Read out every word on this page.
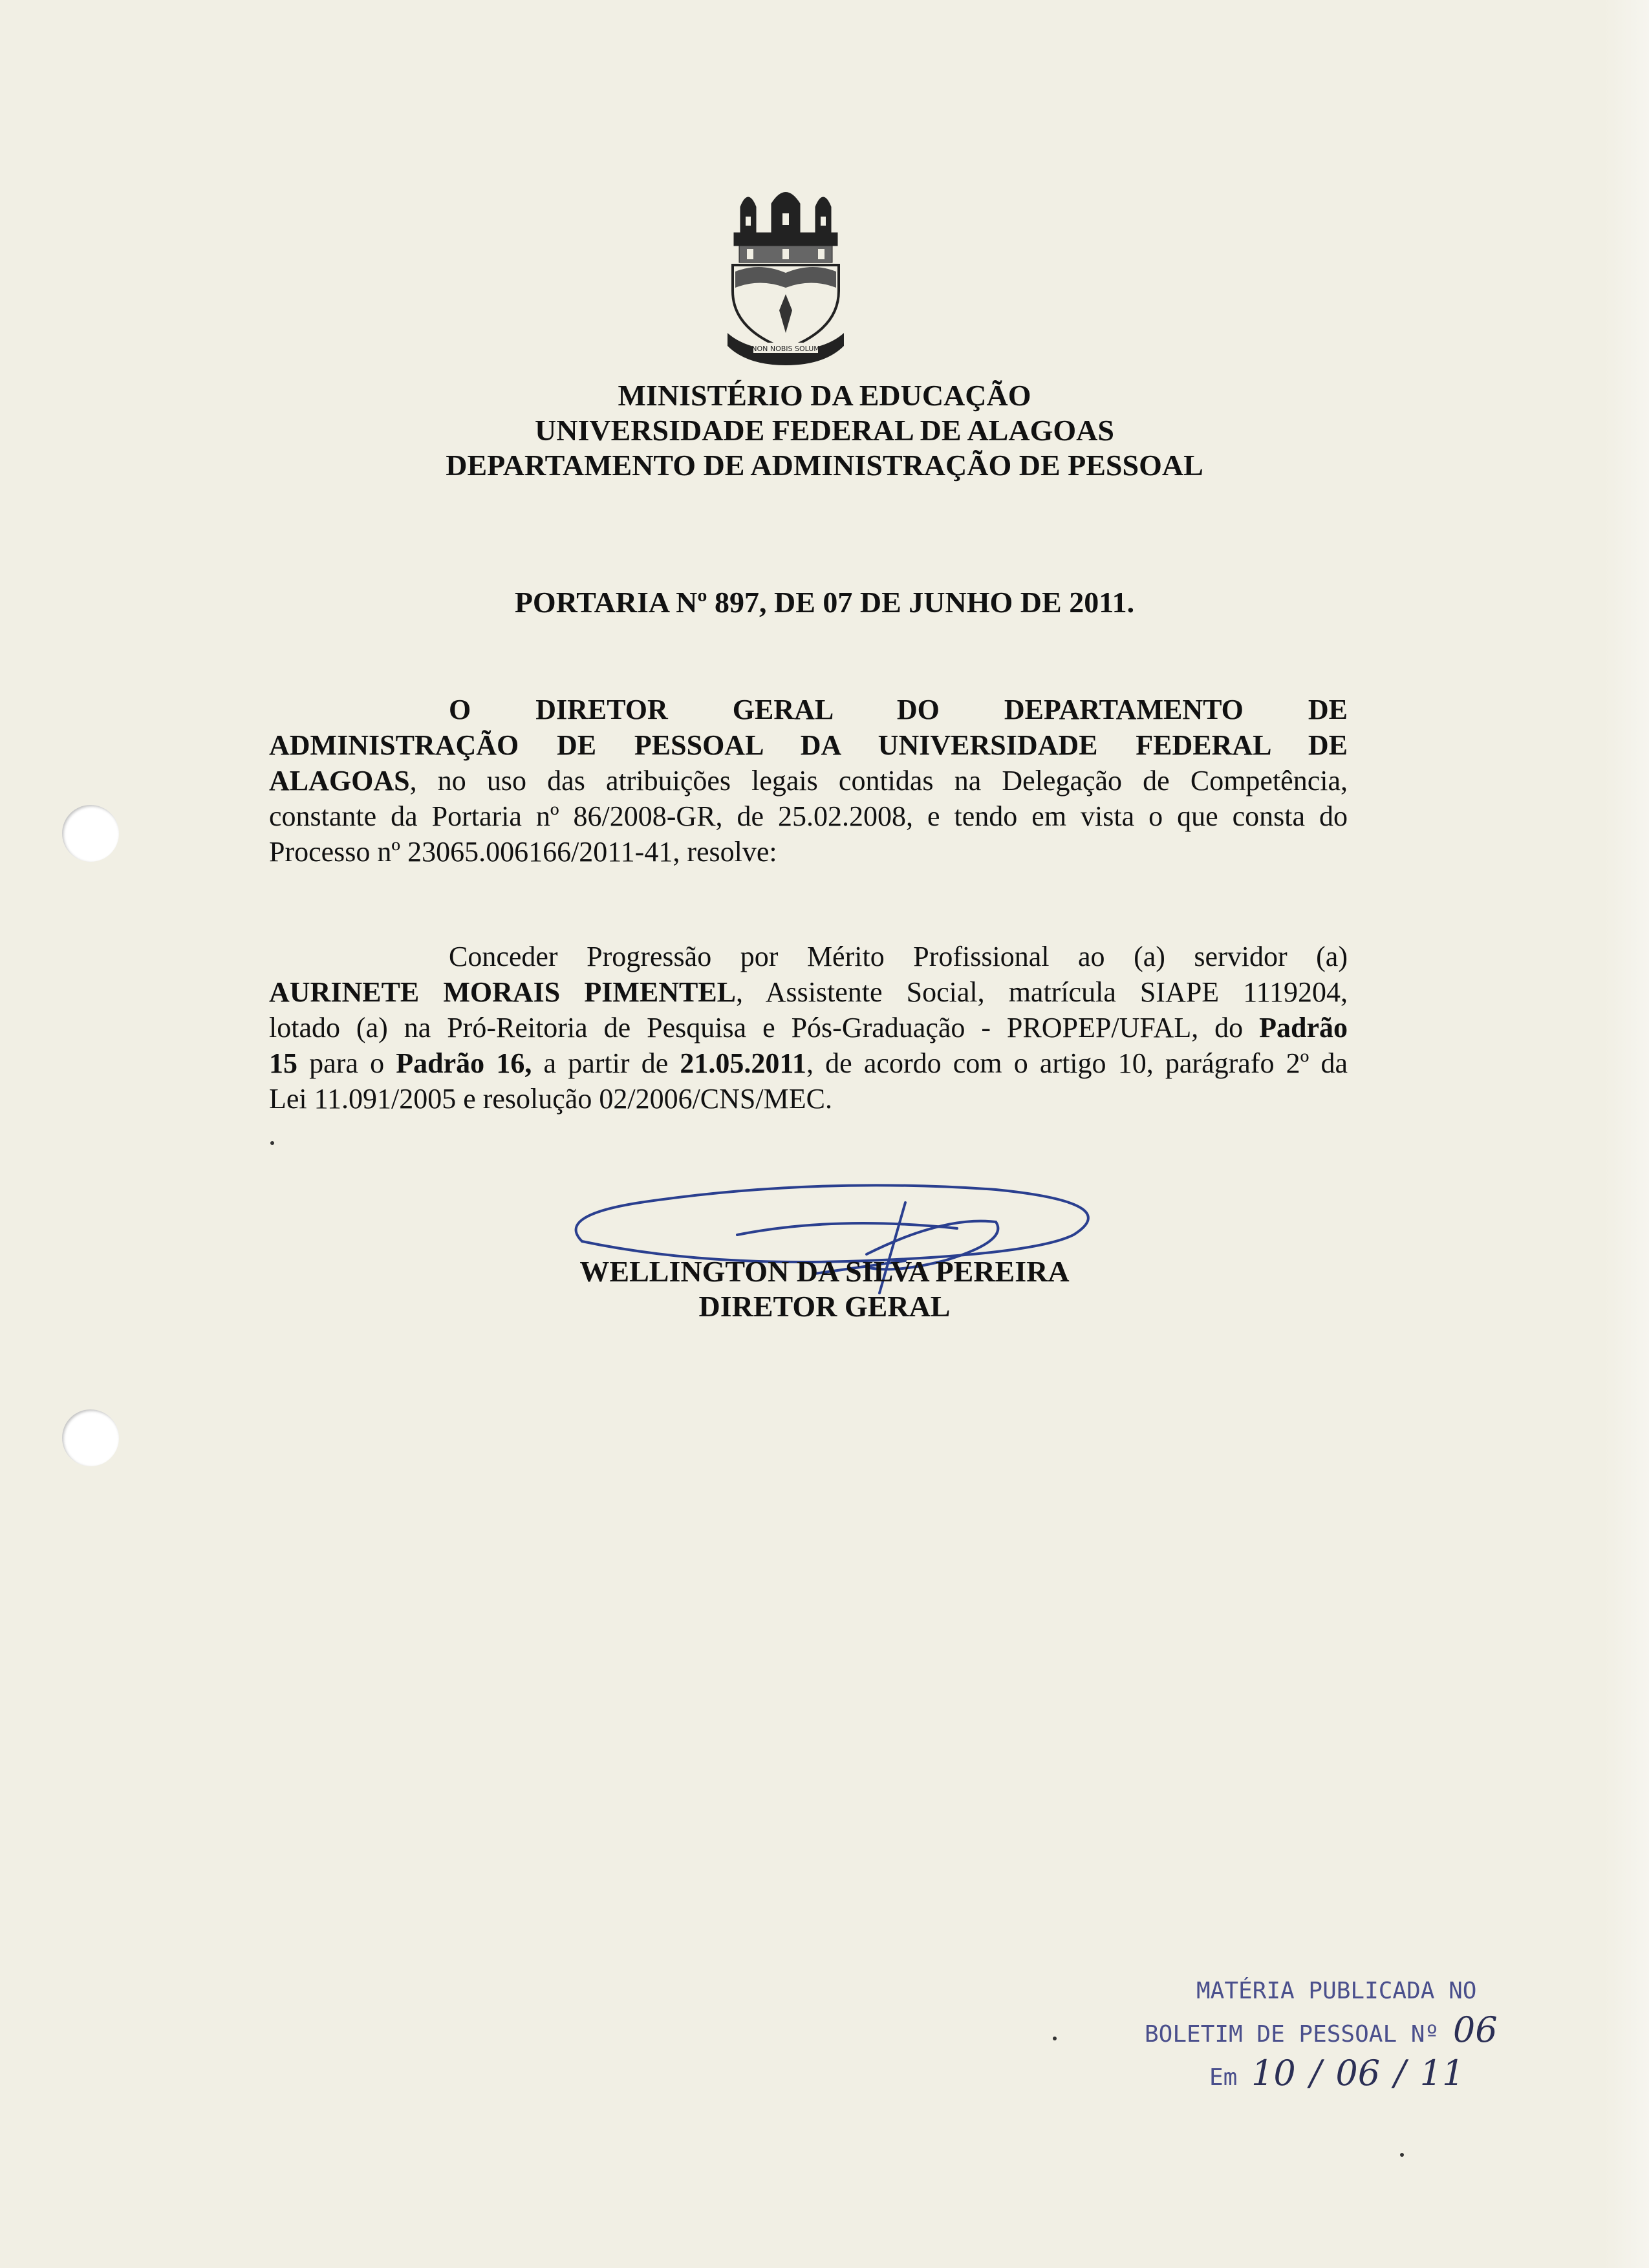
NON NOBIS SOLUM
MINISTÉRIO DA EDUCAÇÃO
UNIVERSIDADE FEDERAL DE ALAGOAS
DEPARTAMENTO DE ADMINISTRAÇÃO DE PESSOAL
PORTARIA Nº 897, DE 07 DE JUNHO DE 2011.
O DIRETOR GERAL DO DEPARTAMENTO DE
ADMINISTRAÇÃO DE PESSOAL DA UNIVERSIDADE FEDERAL DE
ALAGOAS, no uso das atribuições legais contidas na Delegação de Competência,
constante da Portaria nº 86/2008-GR, de 25.02.2008, e tendo em vista o que consta do
Processo nº 23065.006166/2011-41, resolve:
Conceder Progressão por Mérito Profissional ao (a) servidor (a)
AURINETE MORAIS PIMENTEL, Assistente Social, matrícula SIAPE 1119204,
lotado (a) na Pró-Reitoria de Pesquisa e Pós-Graduação - PROPEP/UFAL, do Padrão
15 para o Padrão 16, a partir de 21.05.2011, de acordo com o artigo 10, parágrafo 2º da
Lei 11.091/2005 e resolução 02/2006/CNS/MEC.
WELLINGTON DA SILVA PEREIRA
DIRETOR GERAL
MATÉRIA PUBLICADA NO
BOLETIM DE PESSOAL Nº 06
Em 10 / 06 / 11
